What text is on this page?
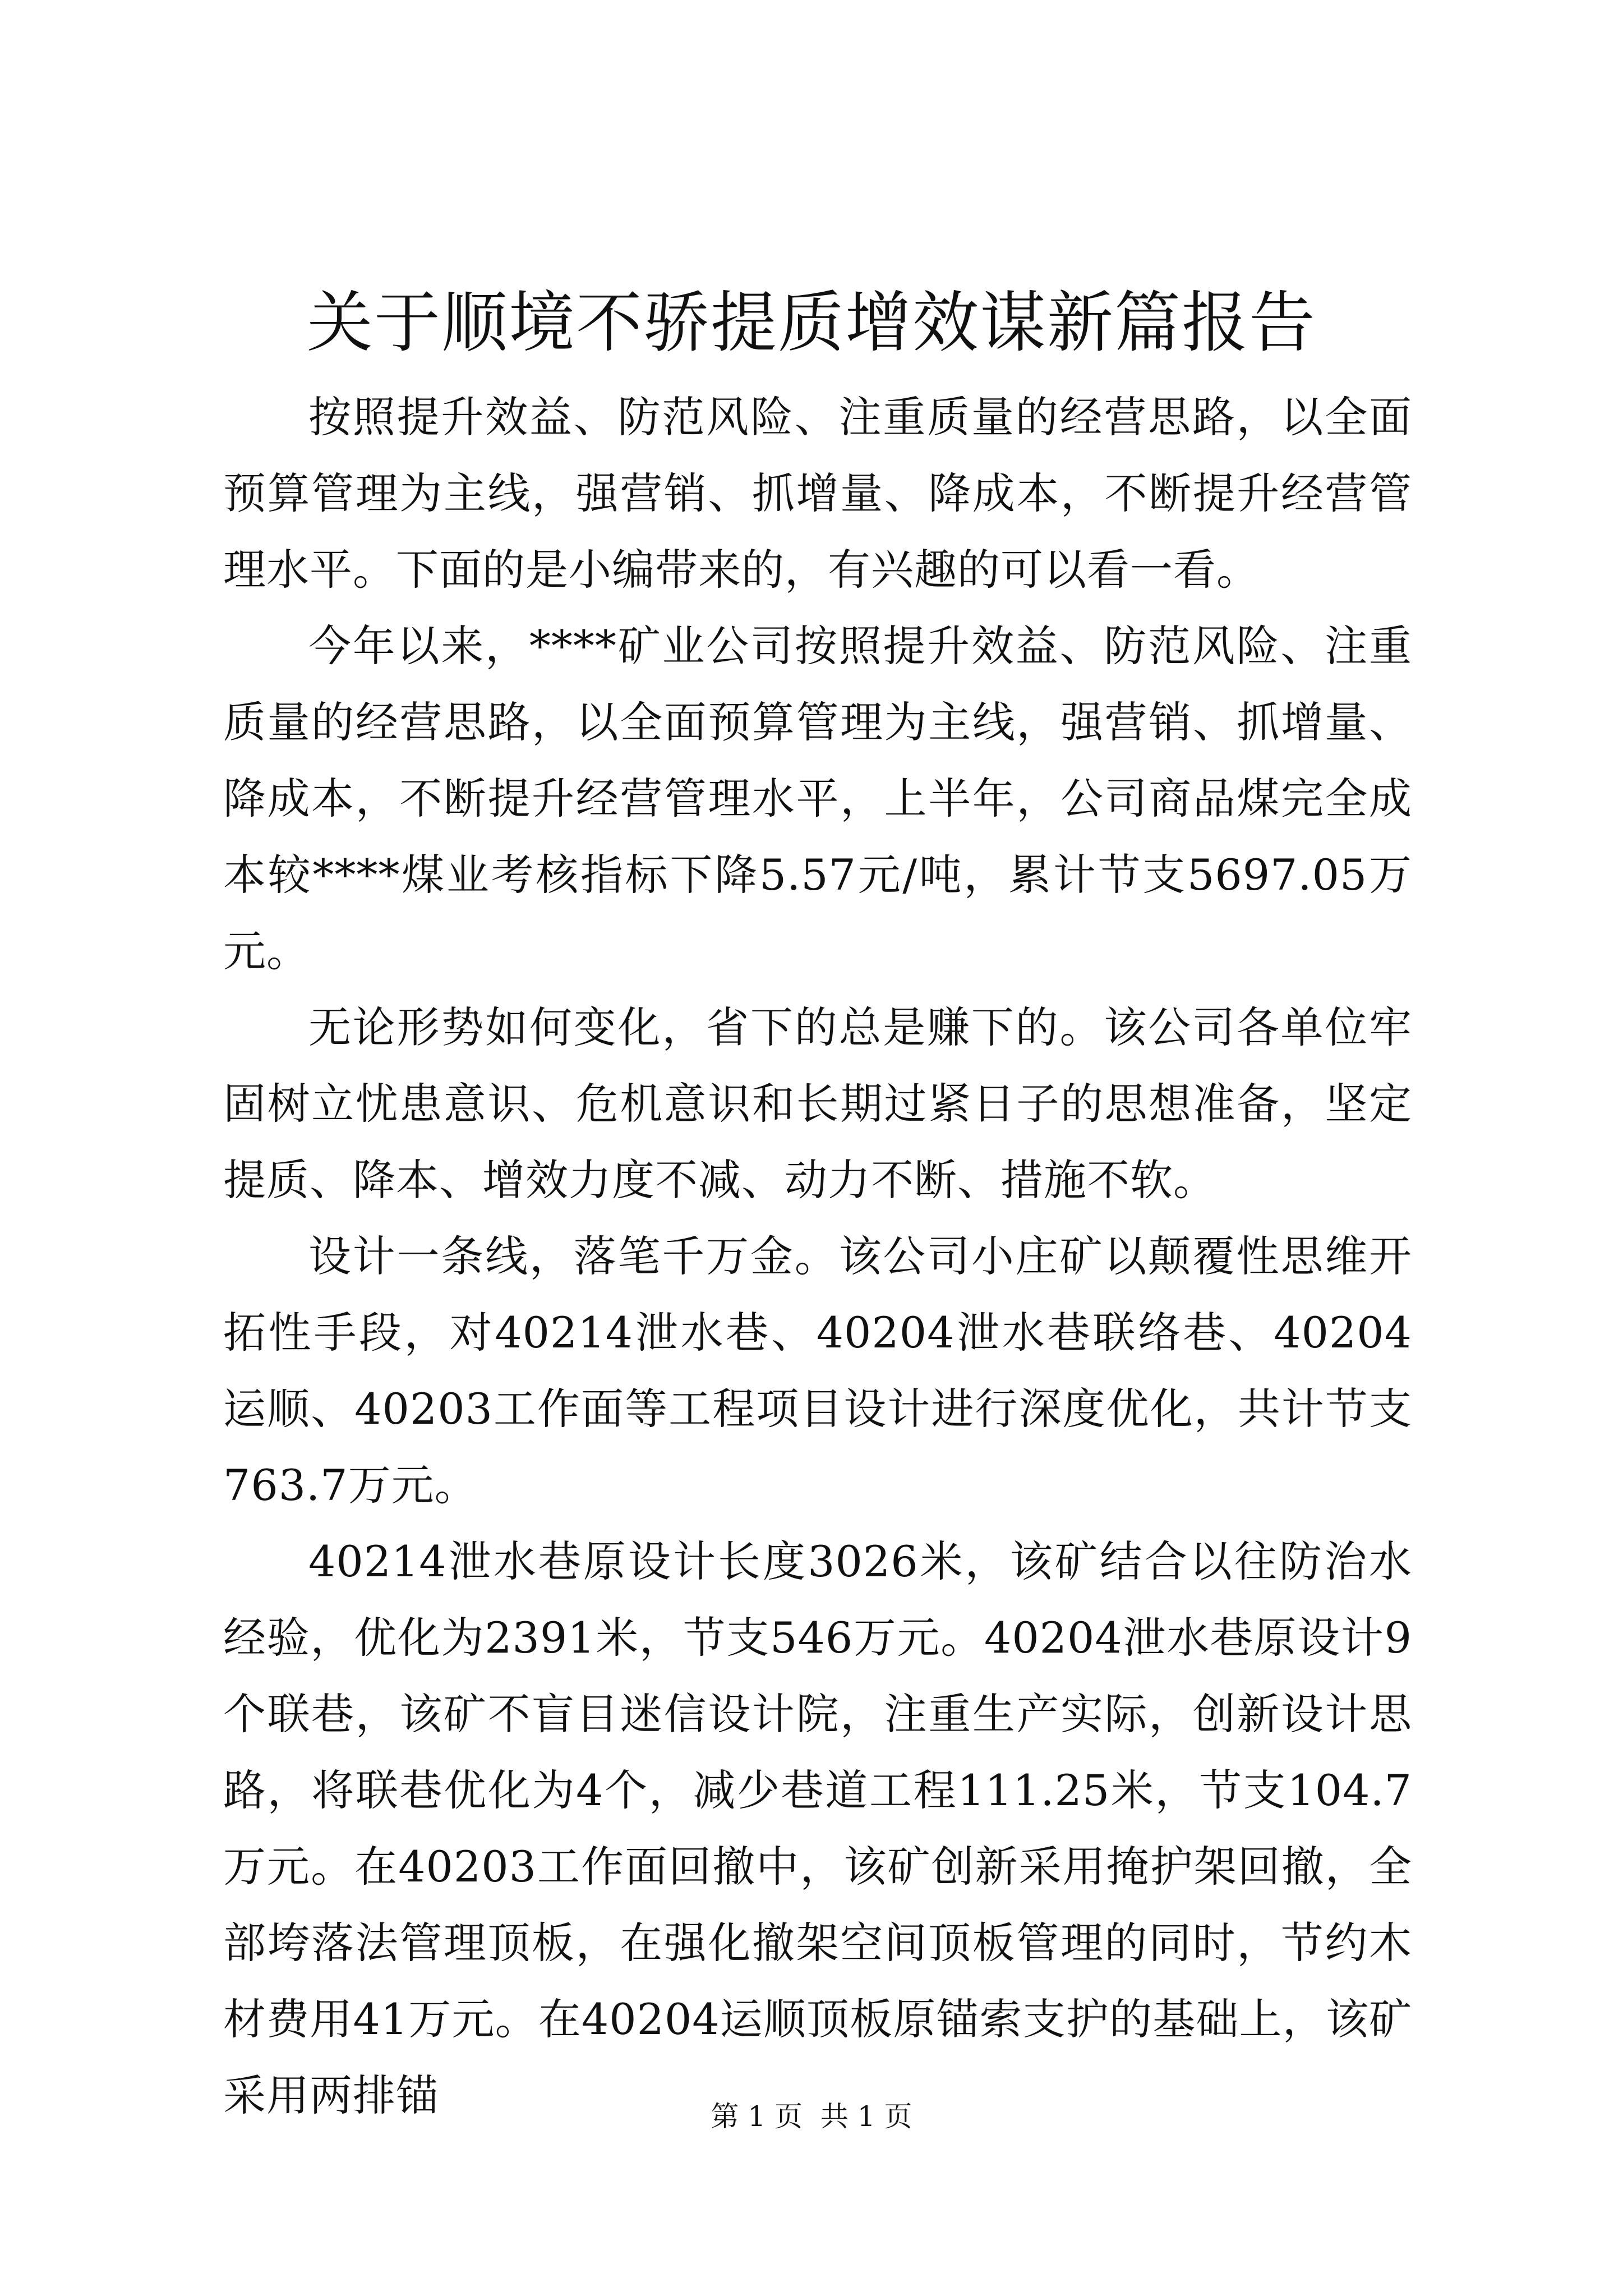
关于顺境不骄提质增效谋新篇报告

按照提升效益、防范风险、注重质量的经营思路，以全面预算管理为主线，强营销、抓增量、降成本，不断提升经营管理水平。下面的是小编带来的，有兴趣的可以看一看。

今年以来，****矿业公司按照提升效益、防范风险、注重质量的经营思路，以全面预算管理为主线，强营销、抓增量、降成本，不断提升经营管理水平，上半年，公司商品煤完全成本较****煤业考核指标下降5.57元/吨，累计节支5697.05万元。

无论形势如何变化，省下的总是赚下的。该公司各单位牢固树立忧患意识、危机意识和长期过紧日子的思想准备，坚定提质、降本、增效力度不减、动力不断、措施不软。

设计一条线，落笔千万金。该公司小庄矿以颠覆性思维开拓性手段，对40214泄水巷、40204泄水巷联络巷、40204运顺、40203工作面等工程项目设计进行深度优化，共计节支763.7万元。

40214泄水巷原设计长度3026米，该矿结合以往防治水经验，优化为2391米，节支546万元。40204泄水巷原设计9个联巷，该矿不盲目迷信设计院，注重生产实际，创新设计思路，将联巷优化为4个，减少巷道工程111.25米，节支104.7万元。在40203工作面回撤中，该矿创新采用掩护架回撤，全部垮落法管理顶板，在强化撤架空间顶板管理的同时，节约木材费用41万元。在40204运顺顶板原锚索支护的基础上，该矿采用两排锚	第 1 页  共 1 页
